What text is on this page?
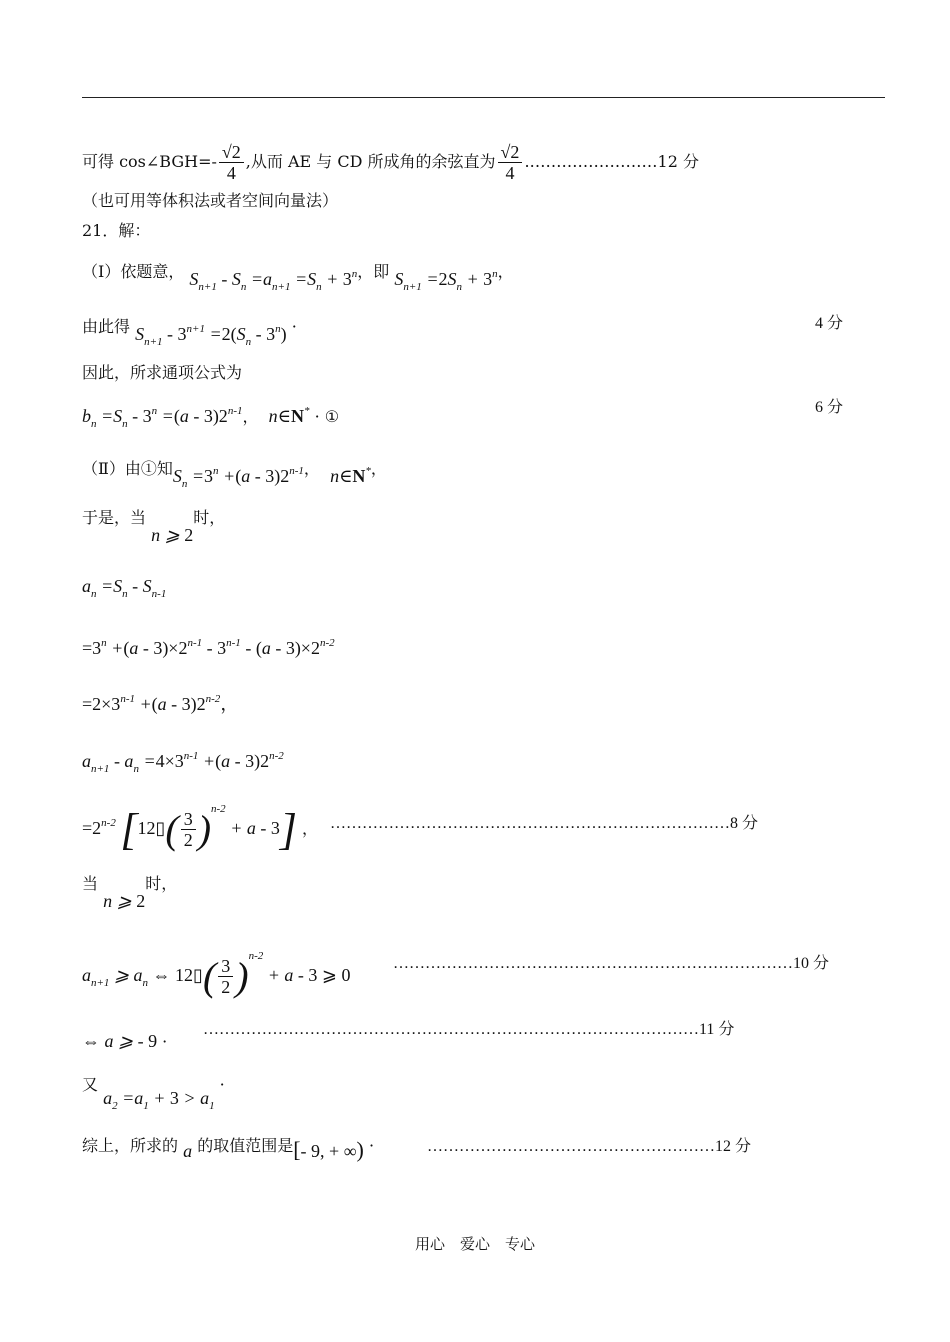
可得 cos∠BGH=- $\frac{√2}{4}$ ,从而 AE 与 CD 所成角的余弦直为 $\frac{√2}{4}$ .……………………12 分
（也可用等体积法或者空间向量法）
21．解：
（Ⅰ）依题意， $S_{n+1} - S_n =a_{n+1} =S_n + 3^n$，即 $S_{n+1} =2S_n + 3^n$，
由此得 $S_{n+1} - 3^{n+1} =2(S_n - 3^n)$ ·	4 分
因此，所求通项公式为
$b_n =S_n - 3^n =(a - 3)2^{n-1}$，  n∈N* · ①	6 分
（Ⅱ）由①知$S_n =3^n +(a - 3)2^{n-1}$，  n∈N*，
于是，当 n ⩾ 2时，
$a_n =S_n - S_{n-1}$
$=3^n +(a - 3)\times 2^{n-1} - 3^{n-1} - (a - 3)\times 2^{n-2}$
$=2\times 3^{n-1} +(a - 3)2^{n-2}$，
$a_{n+1} - a_n =4\times 3^{n-1} +(a - 3)2^{n-2}$
$=2^{n-2}$ [12▯( $\frac{3}{2} )^{n-2} + a - 3$] ， …………………………………………………………………8 分
当 n ⩾ 2时，
$a_{n+1}$ ⩾ $a_n$ ⇔ 12▯( $\frac{3}{2} )^{n-2} + a - 3$ ⩾ 0
…………………………………………………………………10 分
⇔ a ⩾ - 9 ·
…………………………………………………………………………………11 分
又 $a_2 =a_1 + 3 > a_1$ ·
综上，所求的 a 的取值范围是[- 9, + ∞) ·	………………………………………………12 分
用心　爱心　专心
